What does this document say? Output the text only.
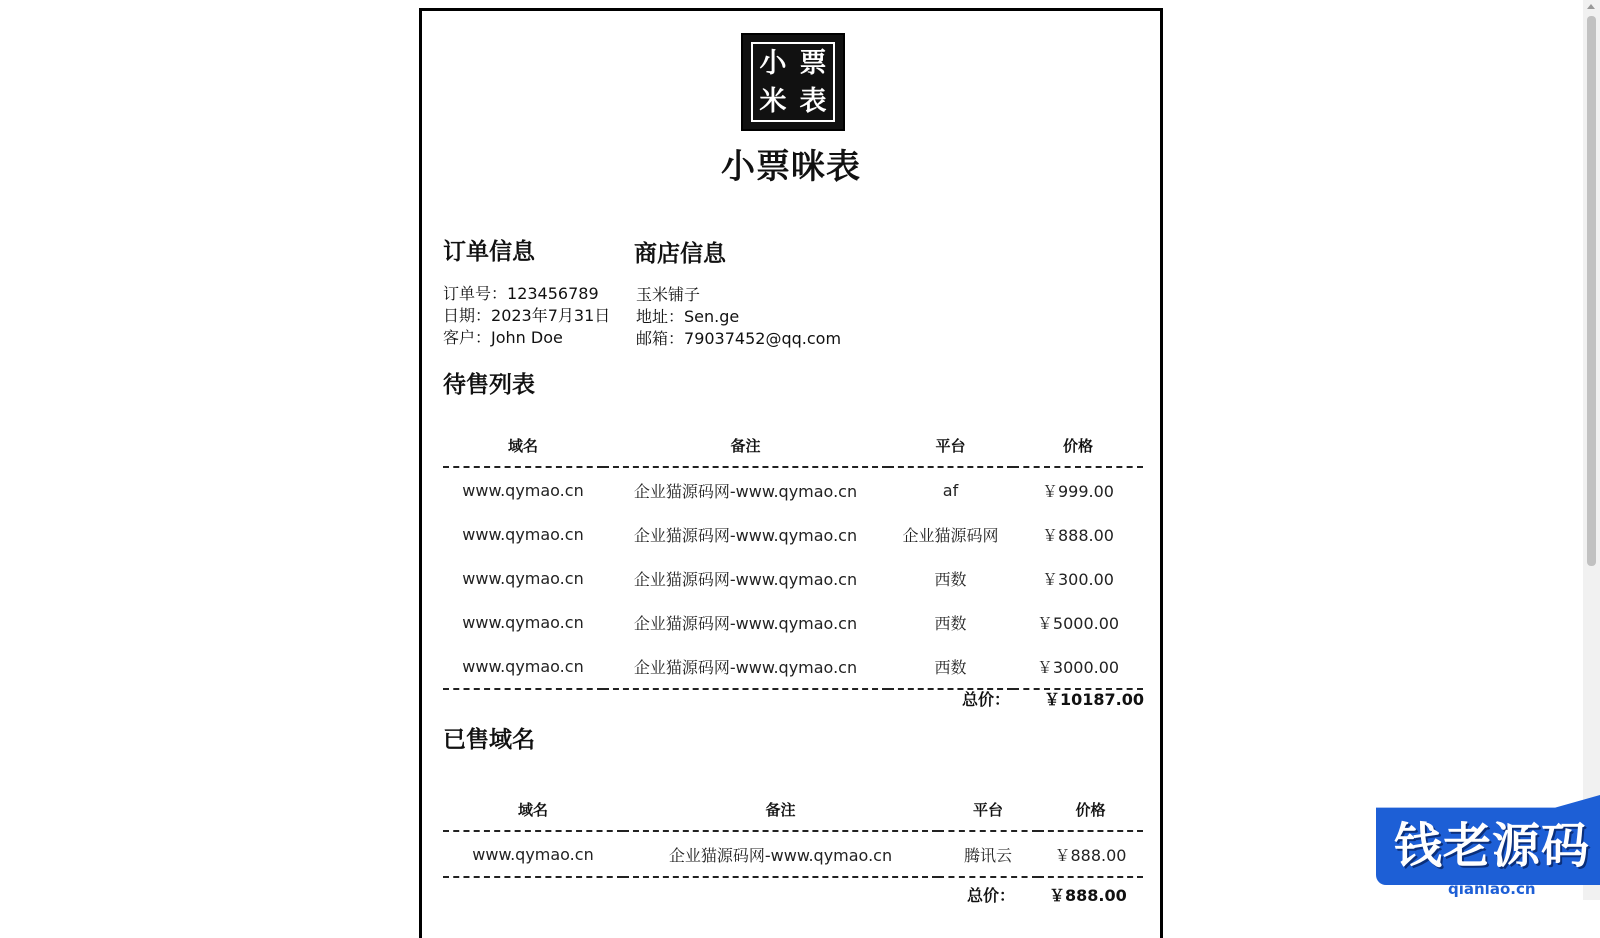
小 票
米 表
小票咪表
订单信息
订单号：123456789
日期：2023年7月31日
客户：John Doe
商店信息
玉米铺子
地址：Sen.ge
邮箱：79037452@qq.com
待售列表
域名	备注	平台	价格
www.qymao.cn	企业猫源码网-www.qymao.cn	af	￥999.00
www.qymao.cn	企业猫源码网-www.qymao.cn	企业猫源码网	￥888.00
www.qymao.cn	企业猫源码网-www.qymao.cn	西数	￥300.00
www.qymao.cn	企业猫源码网-www.qymao.cn	西数	￥5000.00
www.qymao.cn	企业猫源码网-www.qymao.cn	西数	￥3000.00
总价： ￥10187.00
已售域名
域名	备注	平台	价格
www.qymao.cn	企业猫源码网-www.qymao.cn	腾讯云	￥888.00
总价： ￥888.00
钱老源码
qianlao.cn
